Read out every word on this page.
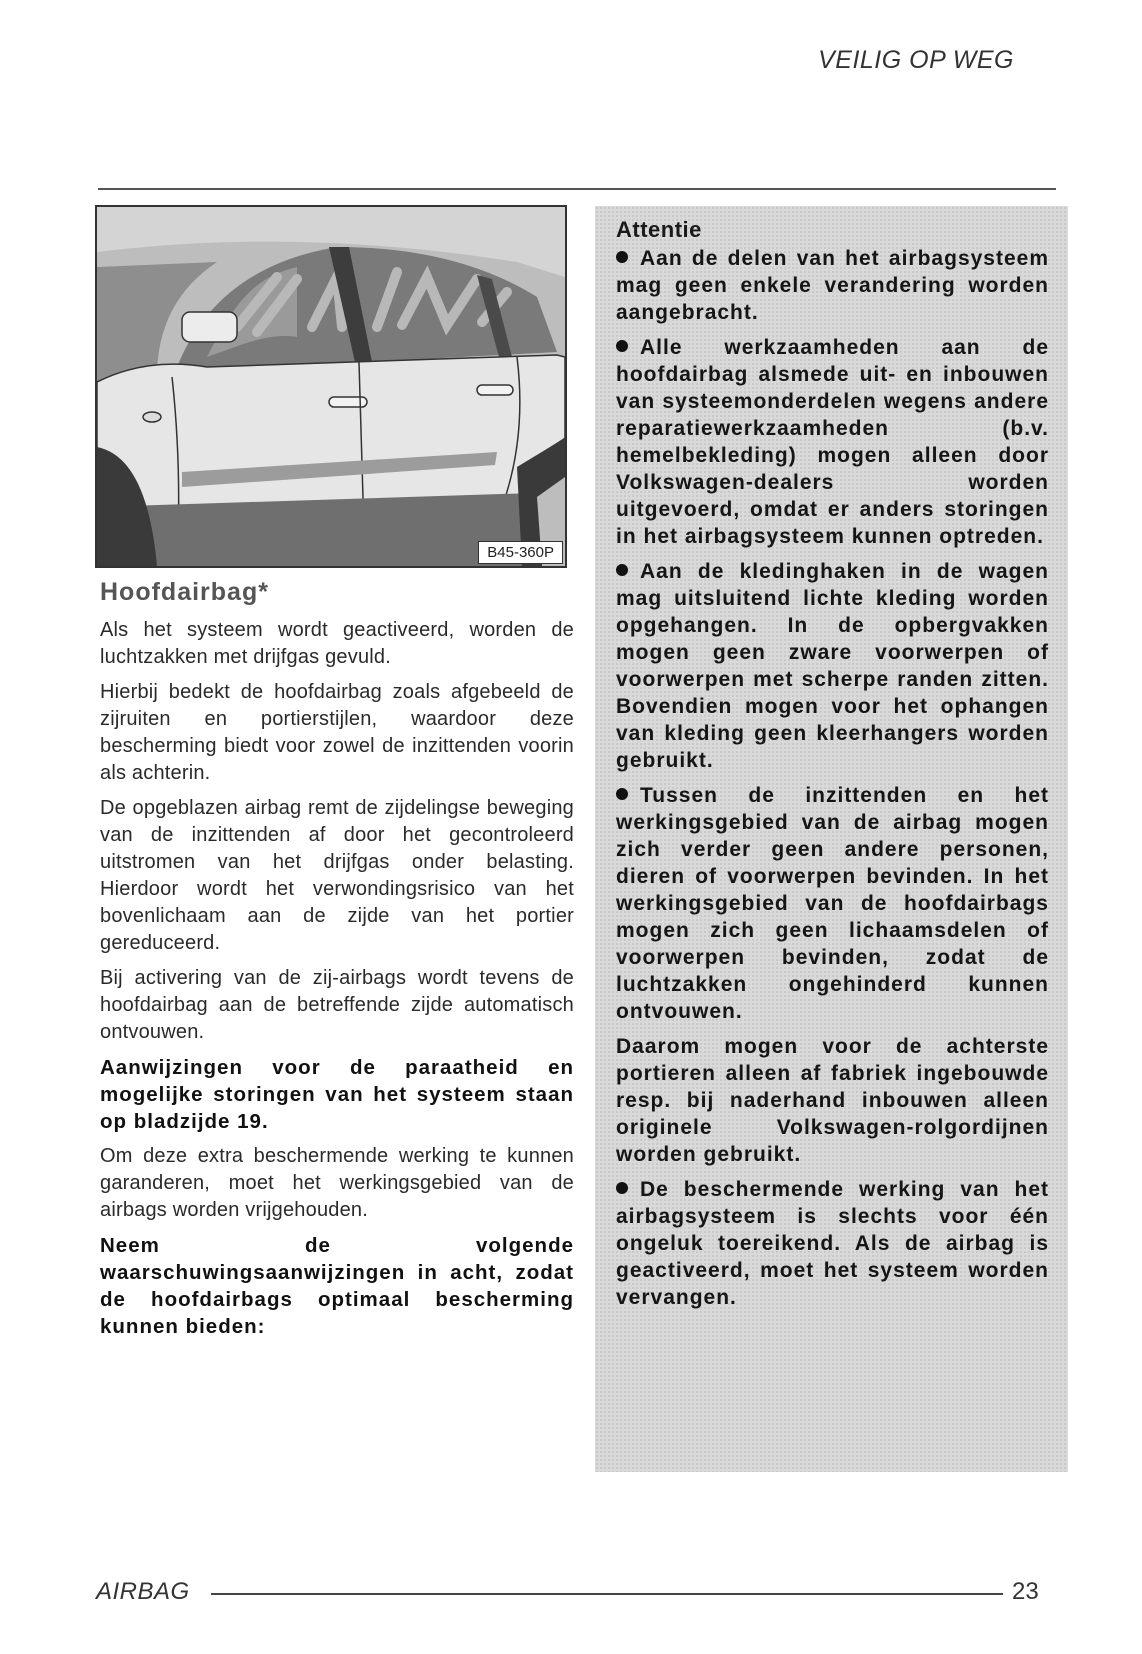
VEILIG OP WEG
B45-360P
Hoofdairbag*

Als het systeem wordt geactiveerd, worden de luchtzakken met drijfgas gevuld.

Hierbij bedekt de hoofdairbag zoals afgebeeld de zijruiten en portierstijlen, waardoor deze bescherming biedt voor zowel de inzittenden voorin als achterin.

De opgeblazen airbag remt de zijdelingse beweging van de inzittenden af door het gecontroleerd uitstromen van het drijfgas onder belasting. Hierdoor wordt het verwondingsrisico van het bovenlichaam aan de zijde van het portier gereduceerd.

Bij activering van de zij-airbags wordt tevens de hoofdairbag aan de betreffende zijde automatisch ontvouwen.

Aanwijzingen voor de paraatheid en mogelijke storingen van het systeem staan op bladzijde 19.

Om deze extra beschermende werking te kunnen garanderen, moet het werkingsgebied van de airbags worden vrijgehouden.

Neem de volgende waarschuwingsaanwijzingen in acht, zodat de hoofdairbags optimaal bescherming kunnen bieden:

Attentie

Aan de delen van het airbagsysteem mag geen enkele verandering worden aangebracht.

Alle werkzaamheden aan de hoofdairbag alsmede uit- en inbouwen van systeemonderdelen wegens andere reparatiewerkzaamheden (b.v. hemelbekleding) mogen alleen door Volkswagen-dealers worden uitgevoerd, omdat er anders storingen in het airbagsysteem kunnen optreden.

Aan de kledinghaken in de wagen mag uitsluitend lichte kleding worden opgehangen. In de opbergvakken mogen geen zware voorwerpen of voorwerpen met scherpe randen zitten. Bovendien mogen voor het ophangen van kleding geen kleerhangers worden gebruikt.

Tussen de inzittenden en het werkingsgebied van de airbag mogen zich verder geen andere personen, dieren of voorwerpen bevinden. In het werkingsgebied van de hoofdairbags mogen zich geen lichaamsdelen of voorwerpen bevinden, zodat de luchtzakken ongehinderd kunnen ontvouwen.

Daarom mogen voor de achterste portieren alleen af fabriek ingebouwde resp. bij naderhand inbouwen alleen originele Volkswagen-rolgordijnen worden gebruikt.

De beschermende werking van het airbagsysteem is slechts voor één ongeluk toereikend. Als de airbag is geactiveerd, moet het systeem worden vervangen.

AIRBAG	23
